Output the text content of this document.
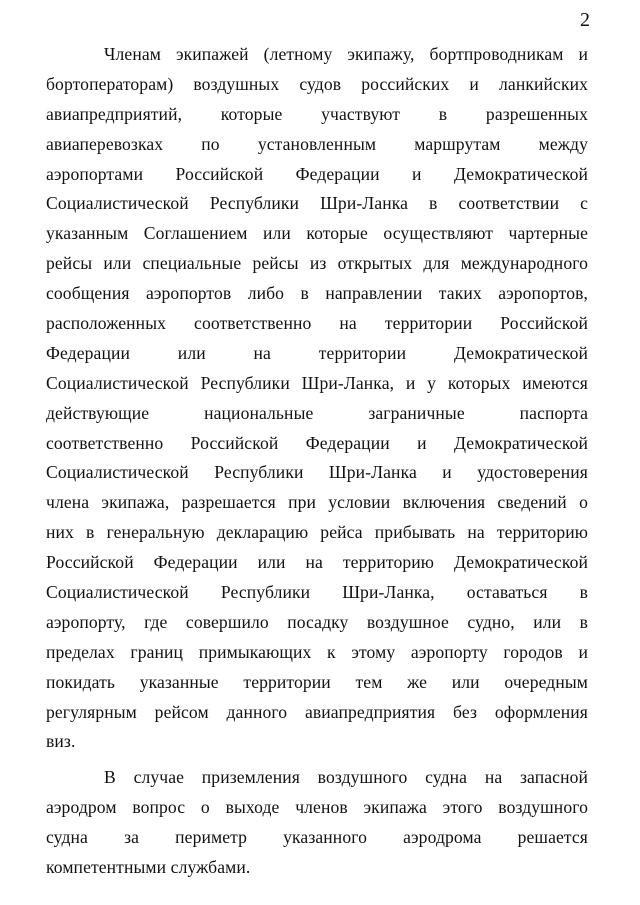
2
Членам экипажей (летному экипажу, бортпроводникам и
бортоператорам) воздушных судов российских и ланкийских
авиапредприятий, которые участвуют в разрешенных
авиаперевозках по установленным маршрутам между
аэропортами Российской Федерации и Демократической
Социалистической Республики Шри-Ланка в соответствии с
указанным Соглашением или которые осуществляют чартерные
рейсы или специальные рейсы из открытых для международного
сообщения аэропортов либо в направлении таких аэропортов,
расположенных соответственно на территории Российской
Федерации или на территории Демократической
Социалистической Республики Шри-Ланка, и у которых имеются
действующие национальные заграничные паспорта
соответственно Российской Федерации и Демократической
Социалистической Республики Шри-Ланка и удостоверения
члена экипажа, разрешается при условии включения сведений о
них в генеральную декларацию рейса прибывать на территорию
Российской Федерации или на территорию Демократической
Социалистической Республики Шри-Ланка, оставаться в
аэропорту, где совершило посадку воздушное судно, или в
пределах границ примыкающих к этому аэропорту городов и
покидать указанные территории тем же или очередным
регулярным рейсом данного авиапредприятия без оформления
виз.
В случае приземления воздушного судна на запасной
аэродром вопрос о выходе членов экипажа этого воздушного
судна за периметр указанного аэродрома решается
компетентными службами.
